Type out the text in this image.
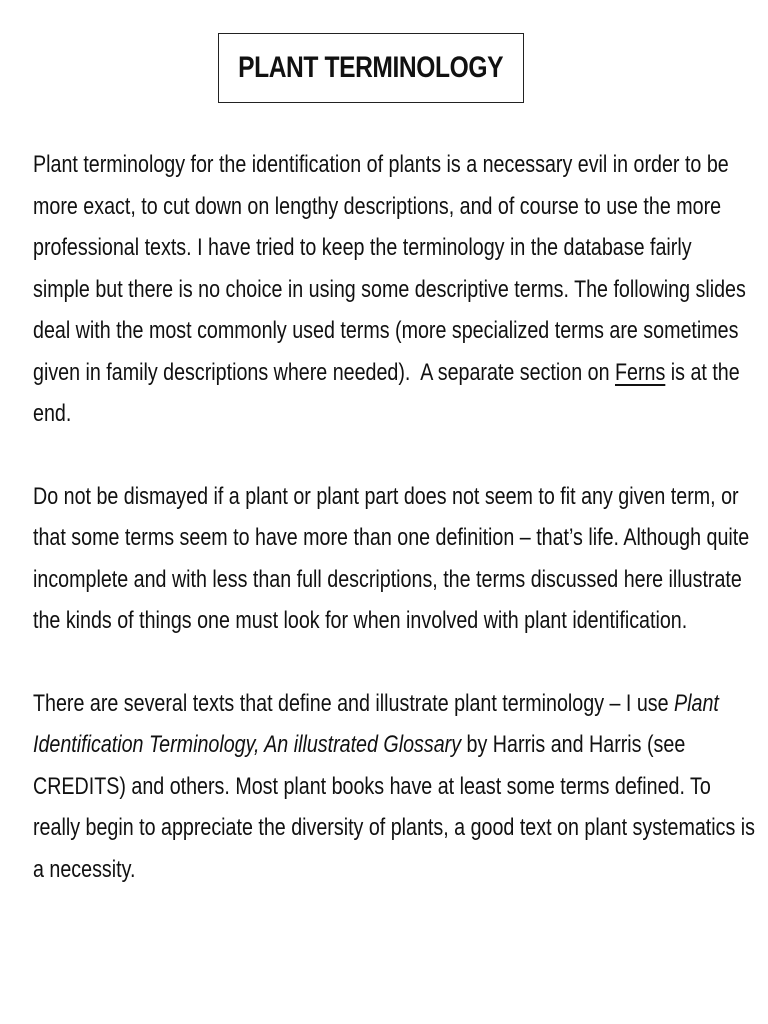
PLANT TERMINOLOGY

Plant terminology for the identification of plants is a necessary evil in order to be
more exact, to cut down on lengthy descriptions, and of course to use the more
professional texts. I have tried to keep the terminology in the database fairly
simple but there is no choice in using some descriptive terms. The following slides
deal with the most commonly used terms (more specialized terms are sometimes
given in family descriptions where needed).  A separate section on Ferns is at the
end.

Do not be dismayed if a plant or plant part does not seem to fit any given term, or
that some terms seem to have more than one definition – that’s life. Although quite
incomplete and with less than full descriptions, the terms discussed here illustrate
the kinds of things one must look for when involved with plant identification.

There are several texts that define and illustrate plant terminology – I use Plant
Identification Terminology, An illustrated Glossary by Harris and Harris (see
CREDITS) and others. Most plant books have at least some terms defined. To
really begin to appreciate the diversity of plants, a good text on plant systematics is
a necessity.
